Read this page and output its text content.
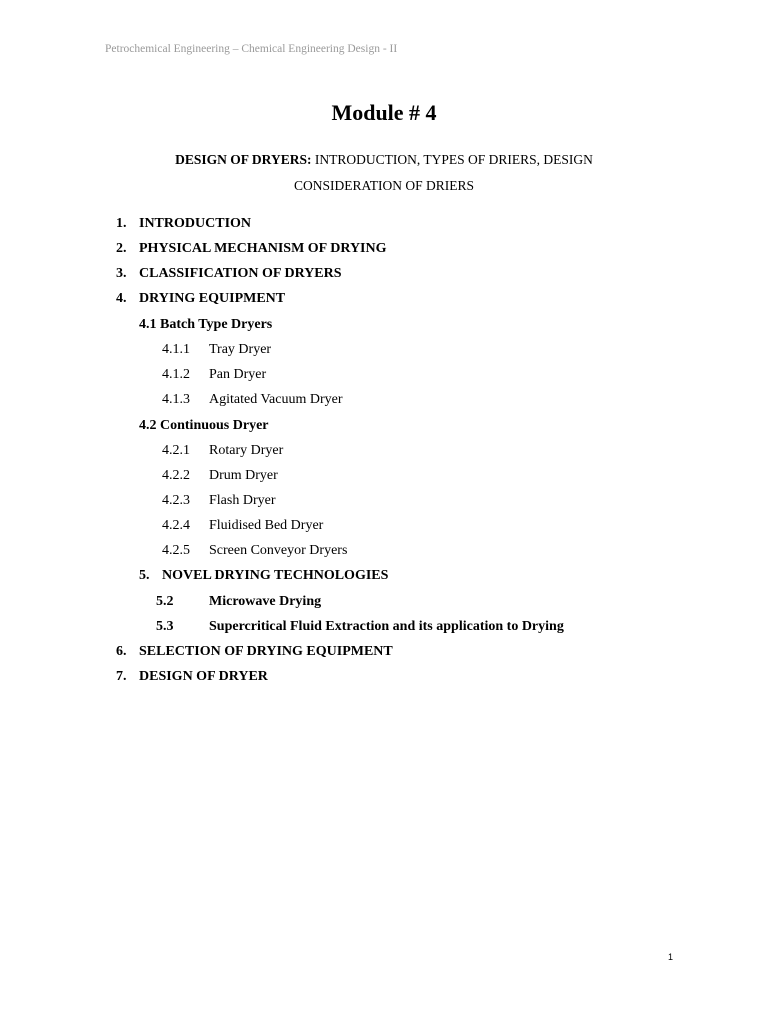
Petrochemical Engineering – Chemical Engineering Design - II
Module # 4
DESIGN OF DRYERS: INTRODUCTION, TYPES OF DRIERS, DESIGN
CONSIDERATION OF DRIERS
1. INTRODUCTION
2. PHYSICAL MECHANISM OF DRYING
3. CLASSIFICATION OF DRYERS
4. DRYING EQUIPMENT
4.1 Batch Type Dryers
4.1.1 Tray Dryer
4.1.2 Pan Dryer
4.1.3 Agitated Vacuum Dryer
4.2 Continuous Dryer
4.2.1 Rotary Dryer
4.2.2 Drum Dryer
4.2.3 Flash Dryer
4.2.4 Fluidised Bed Dryer
4.2.5 Screen Conveyor Dryers
5. NOVEL DRYING TECHNOLOGIES
5.2	Microwave Drying
5.3	Supercritical Fluid Extraction and its application to Drying
6. SELECTION OF DRYING EQUIPMENT
7. DESIGN OF DRYER
1
